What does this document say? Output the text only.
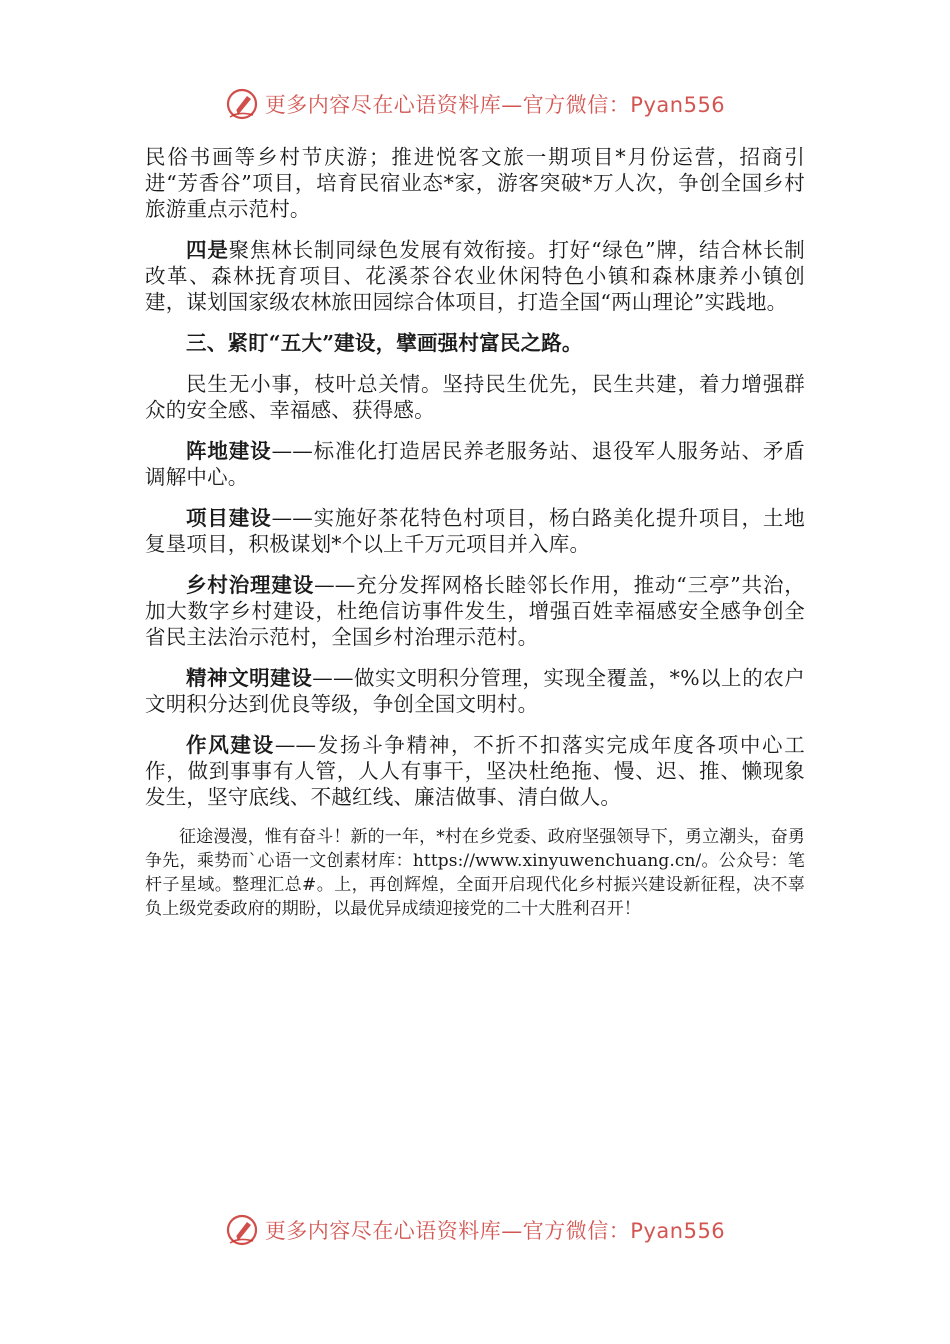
更多内容尽在心语资料库—官方微信：Pyan556

民俗书画等乡村节庆游；推进悦客文旅一期项目*月份运营，招商引进“芳香谷”项目，培育民宿业态*家，游客突破*万人次，争创全国乡村旅游重点示范村。

四是聚焦林长制同绿色发展有效衔接。打好“绿色”牌，结合林长制改革、森林抚育项目、花溪茶谷农业休闲特色小镇和森林康养小镇创建，谋划国家级农林旅田园综合体项目，打造全国“两山理论”实践地。

三、紧盯“五大”建设，擘画强村富民之路。

民生无小事，枝叶总关情。坚持民生优先，民生共建，着力增强群众的安全感、幸福感、获得感。

阵地建设——标准化打造居民养老服务站、退役军人服务站、矛盾调解中心。

项目建设——实施好茶花特色村项目，杨白路美化提升项目，土地复垦项目，积极谋划*个以上千万元项目并入库。

乡村治理建设——充分发挥网格长睦邻长作用，推动“三亭”共治，加大数字乡村建设，杜绝信访事件发生，增强百姓幸福感安全感争创全省民主法治示范村，全国乡村治理示范村。

精神文明建设——做实文明积分管理，实现全覆盖，*%以上的农户文明积分达到优良等级，争创全国文明村。

作风建设——发扬斗争精神，不折不扣落实完成年度各项中心工作，做到事事有人管，人人有事干，坚决杜绝拖、慢、迟、推、懒现象发生，坚守底线、不越红线、廉洁做事、清白做人。

征途漫漫，惟有奋斗！新的一年，*村在乡党委、政府坚强领导下，勇立潮头，奋勇争先，乘势而`心语一文创素材库：https://www.xinyuwenchuang.cn/。公众号：笔杆子星域。整理汇总#。上，再创辉煌，全面开启现代化乡村振兴建设新征程，决不辜负上级党委政府的期盼，以最优异成绩迎接党的二十大胜利召开！

更多内容尽在心语资料库—官方微信：Pyan556
